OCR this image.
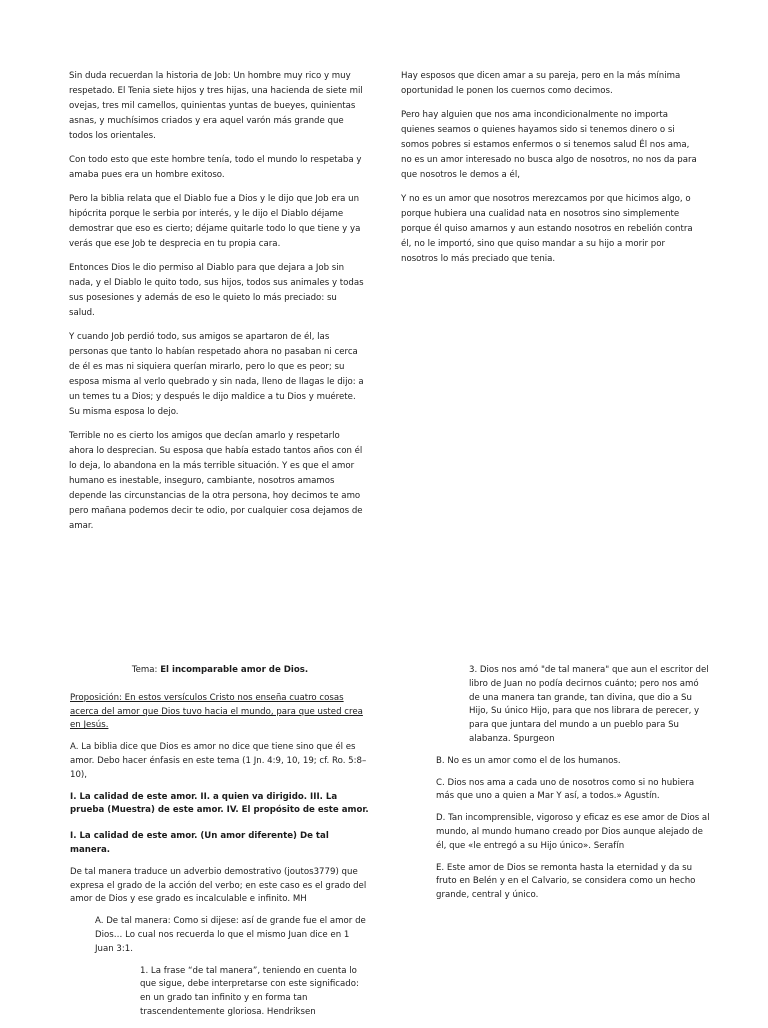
Sin duda recuerdan la historia de Job: Un hombre muy rico y muy respetado. El Tenia siete hijos y tres hijas, una hacienda de siete mil ovejas, tres mil camellos, quinientas yuntas de bueyes, quinientas asnas, y muchísimos criados y era aquel varón más grande que todos los orientales.

Con todo esto que este hombre tenía, todo el mundo lo respetaba y amaba pues era un hombre exitoso.

Pero la biblia relata que el Diablo fue a Dios y le dijo que Job era un hipócrita porque le serbia por interés, y le dijo el Diablo déjame demostrar que eso es cierto; déjame quitarle todo lo que tiene y ya verás que ese Job te desprecia en tu propia cara.

Entonces Dios le dio permiso al Diablo para que dejara a Job sin nada, y el Diablo le quito todo, sus hijos, todos sus animales y todas sus posesiones y además de eso le quieto lo más preciado: su salud.

Y cuando Job perdió todo, sus amigos se apartaron de él, las personas que tanto lo habían respetado ahora no pasaban ni cerca de él es mas ni siquiera querían mirarlo, pero lo que es peor; su esposa misma al verlo quebrado y sin nada, lleno de llagas le dijo: a un temes tu a Dios; y después le dijo maldice a tu Dios y muérete. Su misma esposa lo dejo.

Terrible no es cierto los amigos que decían amarlo y respetarlo ahora lo desprecian. Su esposa que había estado tantos años con él lo deja, lo abandona en la más terrible situación. Y es que el amor humano es inestable, inseguro, cambiante, nosotros amamos depende las circunstancias de la otra persona, hoy decimos te amo pero mañana podemos decir te odio, por cualquier cosa dejamos de amar.

Hay esposos que dicen amar a su pareja, pero en la más mínima oportunidad le ponen los cuernos como decimos.

Pero hay alguien que nos ama incondicionalmente no importa quienes seamos o quienes hayamos sido si tenemos dinero o si somos pobres si estamos enfermos o si tenemos salud Él nos ama, no es un amor interesado no busca algo de nosotros, no nos da para que nosotros le demos a él,

Y no es un amor que nosotros merezcamos por que hicimos algo, o porque hubiera una cualidad nata en nosotros sino simplemente porque él quiso amarnos y aun estando nosotros en rebelión contra él, no le importó, sino que quiso mandar a su hijo a morir por nosotros lo más preciado que tenia.

Tema: El incomparable amor de Dios.

Proposición: En estos versículos Cristo nos enseña cuatro cosas acerca del amor que Dios tuvo hacia el mundo, para que usted crea en Jesús.

A. La biblia dice que Dios es amor no dice que tiene sino que él es amor. Debo hacer énfasis en este tema (1 Jn. 4:9, 10, 19; cf. Ro. 5:8–10),

I. La calidad de este amor. II. a quien va dirigido. III. La prueba (Muestra) de este amor. IV. El propósito de este amor.

I. La calidad de este amor. (Un amor diferente) De tal manera.

De tal manera traduce un adverbio demostrativo (joutos3779) que expresa el grado de la acción del verbo; en este caso es el grado del amor de Dios y ese grado es incalculable e infinito. MH

A. De tal manera: Como si dijese: así de grande fue el amor de Dios… Lo cual nos recuerda lo que el mismo Juan dice en 1 Juan 3:1.

1. La frase “de tal manera”, teniendo en cuenta lo que sigue, debe interpretarse con este significado: en un grado tan infinito y en forma tan trascendentemente gloriosa. Hendriksen

3. Dios nos amó "de tal manera" que aun el escritor del libro de Juan no podía decirnos cuánto; pero nos amó de una manera tan grande, tan divina, que dio a Su Hijo, Su único Hijo, para que nos librara de perecer, y para que juntara del mundo a un pueblo para Su alabanza. Spurgeon

B. No es un amor como el de los humanos.

C. Dios nos ama a cada uno de nosotros como si no hubiera más que uno a quien a Mar Y así, a todos.» Agustín.

D. Tan incomprensible, vigoroso y eficaz es ese amor de Dios al mundo, al mundo humano creado por Dios aunque alejado de él, que «le entregó a su Hijo único». Serafín

E. Este amor de Dios se remonta hasta la eternidad y da su fruto en Belén y en el Calvario, se considera como un hecho grande, central y único.
